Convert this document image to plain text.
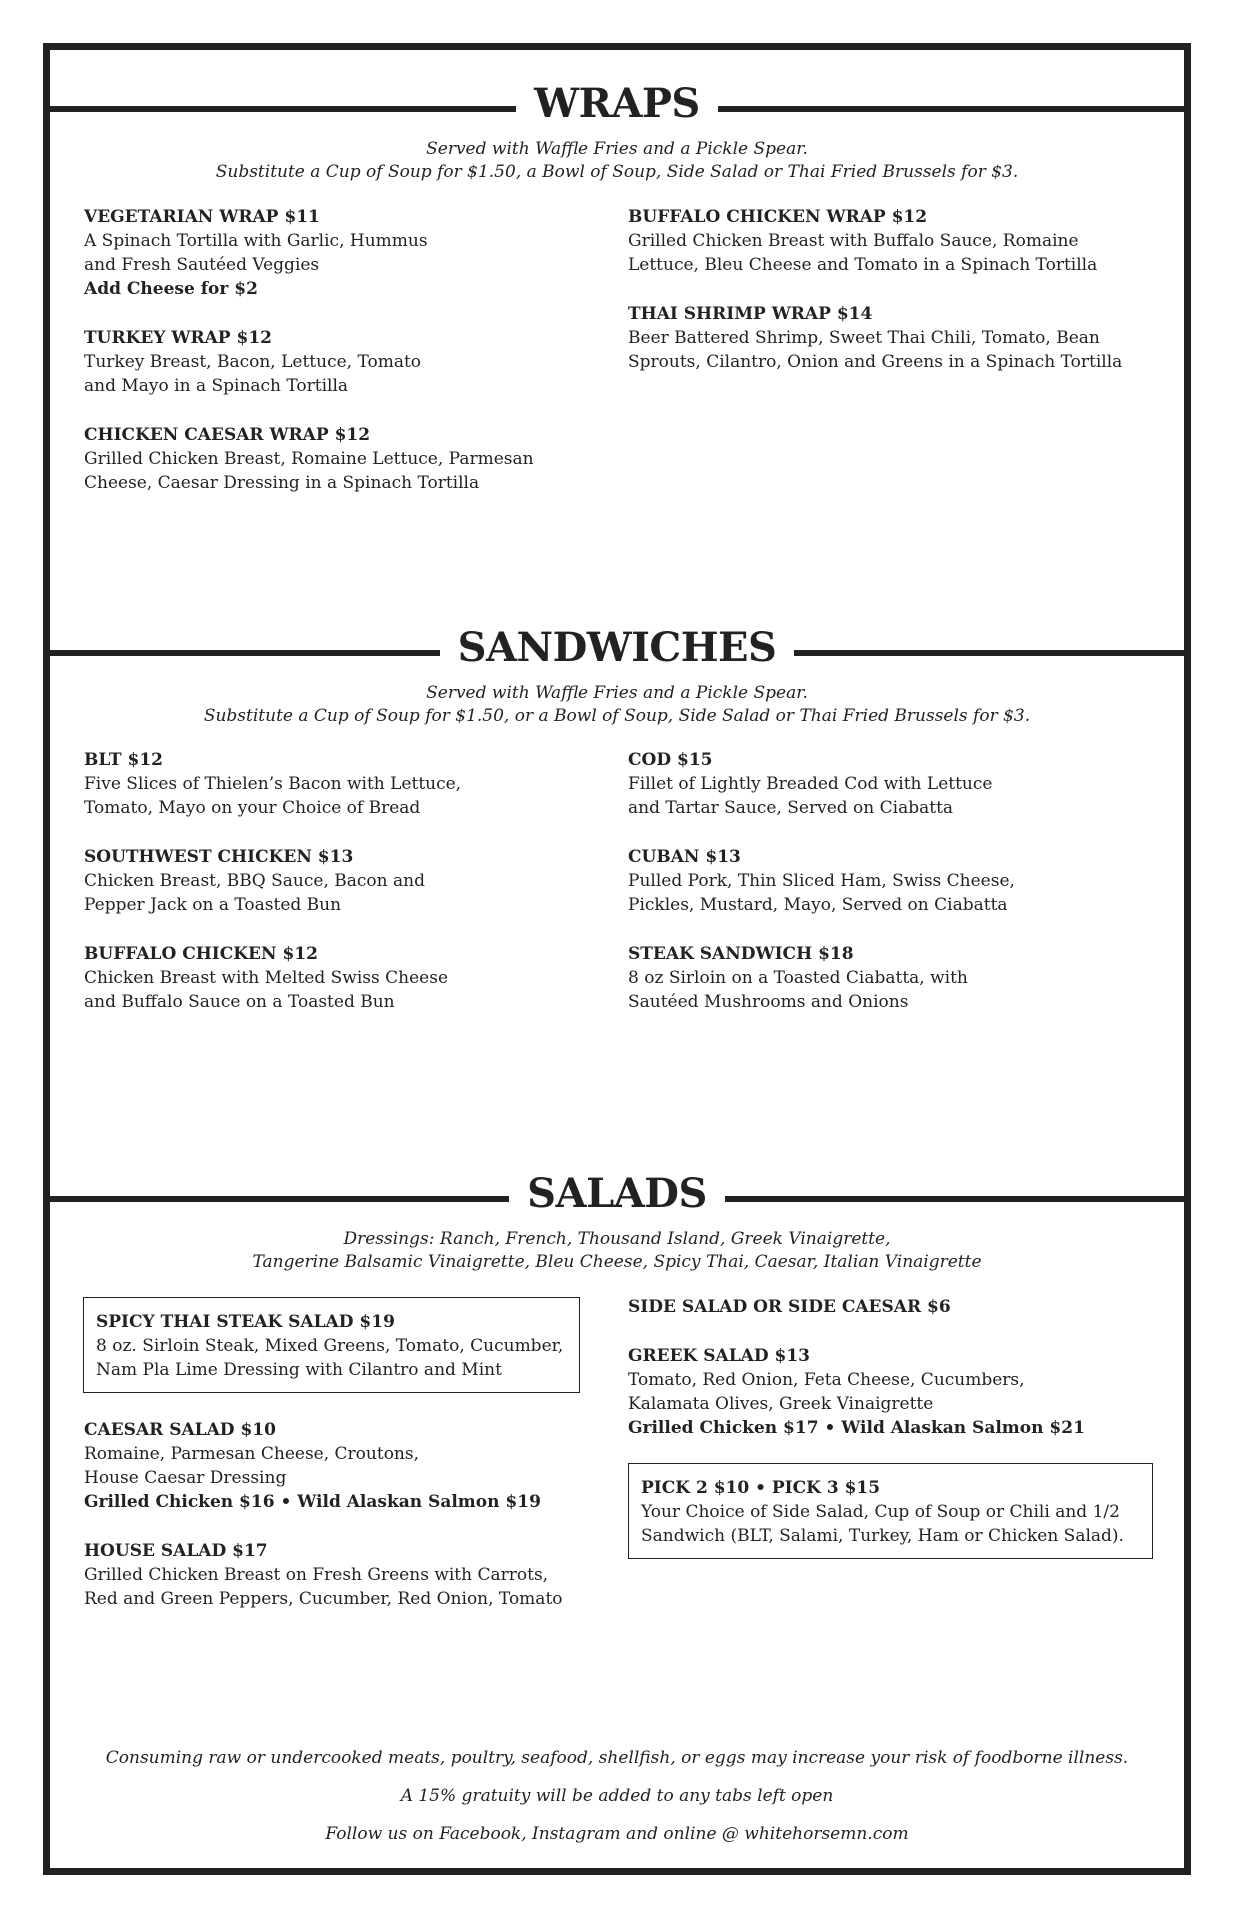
WRAPS
Served with Waffle Fries and a Pickle Spear.
Substitute a Cup of Soup for $1.50, a Bowl of Soup, Side Salad or Thai Fried Brussels for $3.
VEGETARIAN WRAP $11
A Spinach Tortilla with Garlic, Hummus
and Fresh Sautéed Veggies
Add Cheese for $2
TURKEY WRAP $12
Turkey Breast, Bacon, Lettuce, Tomato
and Mayo in a Spinach Tortilla
CHICKEN CAESAR WRAP $12
Grilled Chicken Breast, Romaine Lettuce, Parmesan
Cheese, Caesar Dressing in a Spinach Tortilla
BUFFALO CHICKEN WRAP $12
Grilled Chicken Breast with Buffalo Sauce, Romaine
Lettuce, Bleu Cheese and Tomato in a Spinach Tortilla
THAI SHRIMP WRAP $14
Beer Battered Shrimp, Sweet Thai Chili, Tomato, Bean
Sprouts, Cilantro, Onion and Greens in a Spinach Tortilla
SANDWICHES
Served with Waffle Fries and a Pickle Spear.
Substitute a Cup of Soup for $1.50, or a Bowl of Soup, Side Salad or Thai Fried Brussels for $3.
BLT $12
Five Slices of Thielen’s Bacon with Lettuce,
Tomato, Mayo on your Choice of Bread
SOUTHWEST CHICKEN $13
Chicken Breast, BBQ Sauce, Bacon and
Pepper Jack on a Toasted Bun
BUFFALO CHICKEN $12
Chicken Breast with Melted Swiss Cheese
and Buffalo Sauce on a Toasted Bun
COD $15
Fillet of Lightly Breaded Cod with Lettuce
and Tartar Sauce, Served on Ciabatta
CUBAN $13
Pulled Pork, Thin Sliced Ham, Swiss Cheese,
Pickles, Mustard, Mayo, Served on Ciabatta
STEAK SANDWICH $18
8 oz Sirloin on a Toasted Ciabatta, with
Sautéed Mushrooms and Onions
SALADS
Dressings: Ranch, French, Thousand Island, Greek Vinaigrette,
Tangerine Balsamic Vinaigrette, Bleu Cheese, Spicy Thai, Caesar, Italian Vinaigrette
SPICY THAI STEAK SALAD $19
8 oz. Sirloin Steak, Mixed Greens, Tomato, Cucumber,
Nam Pla Lime Dressing with Cilantro and Mint
CAESAR SALAD $10
Romaine, Parmesan Cheese, Croutons,
House Caesar Dressing
Grilled Chicken $16 • Wild Alaskan Salmon $19
HOUSE SALAD $17
Grilled Chicken Breast on Fresh Greens with Carrots,
Red and Green Peppers, Cucumber, Red Onion, Tomato
SIDE SALAD OR SIDE CAESAR $6
GREEK SALAD $13
Tomato, Red Onion, Feta Cheese, Cucumbers,
Kalamata Olives, Greek Vinaigrette
Grilled Chicken $17 • Wild Alaskan Salmon $21
PICK 2 $10 • PICK 3 $15
Your Choice of Side Salad, Cup of Soup or Chili and 1/2
Sandwich (BLT, Salami, Turkey, Ham or Chicken Salad).
Consuming raw or undercooked meats, poultry, seafood, shellfish, or eggs may increase your risk of foodborne illness.
A 15% gratuity will be added to any tabs left open
Follow us on Facebook, Instagram and online @ whitehorsemn.com
